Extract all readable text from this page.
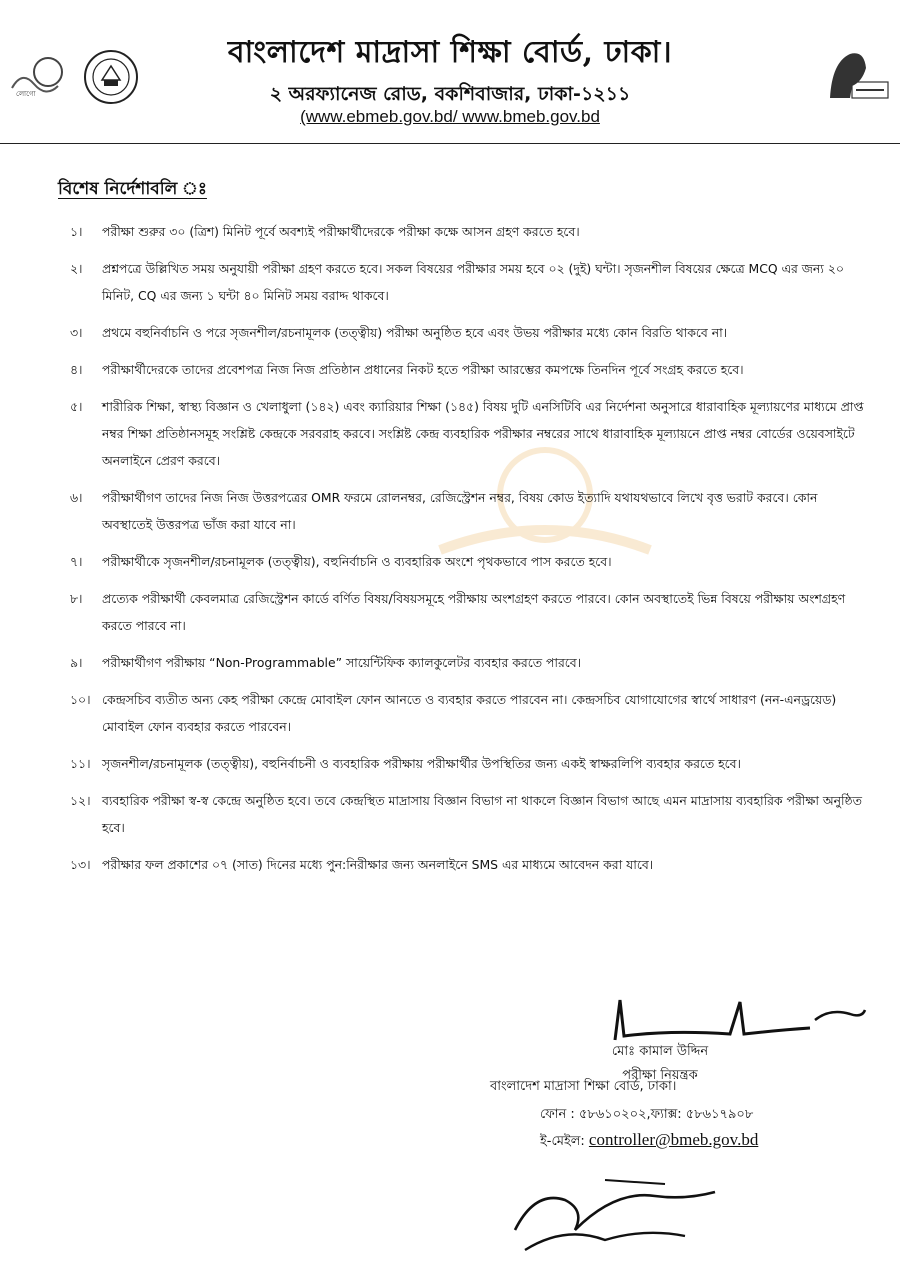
লোগো
বাংলাদেশ মাদ্রাসা শিক্ষা বোর্ড, ঢাকা।
২ অরফ্যানেজ রোড, বকশিবাজার, ঢাকা-১২১১
(www.ebmeb.gov.bd/ www.bmeb.gov.bd
বিশেষ নির্দেশাবলি ঃ
১।	পরীক্ষা শুরুর ৩০ (ত্রিশ) মিনিট পূর্বে অবশ্যই পরীক্ষার্থীদেরকে পরীক্ষা কক্ষে আসন গ্রহণ করতে হবে।
২।	প্রশ্নপত্রে উল্লিখিত সময় অনুযায়ী পরীক্ষা গ্রহণ করতে হবে। সকল বিষয়ের পরীক্ষার সময় হবে ০২ (দুই) ঘন্টা। সৃজনশীল বিষয়ের ক্ষেত্রে MCQ এর জন্য ২০ মিনিট, CQ এর জন্য ১ ঘন্টা ৪০ মিনিট সময় বরাদ্দ থাকবে।
৩।	প্রথমে বহুনির্বাচনি ও পরে সৃজনশীল/রচনামূলক (তত্ত্বীয়) পরীক্ষা অনুষ্ঠিত হবে এবং উভয় পরীক্ষার মধ্যে কোন বিরতি থাকবে না।
৪।	পরীক্ষার্থীদেরকে তাদের প্রবেশপত্র নিজ নিজ প্রতিষ্ঠান প্রধানের নিকট হতে পরীক্ষা আরম্ভের কমপক্ষে তিনদিন পূর্বে সংগ্রহ করতে হবে।
৫।	শারীরিক শিক্ষা, স্বাস্থ্য বিজ্ঞান ও খেলাধুলা (১৪২) এবং ক্যারিয়ার শিক্ষা (১৪৫) বিষয় দুটি এনসিটিবি এর নির্দেশনা অনুসারে ধারাবাহিক মূল্যায়ণের মাধ্যমে প্রাপ্ত নম্বর শিক্ষা প্রতিষ্ঠানসমূহ সংশ্লিষ্ট কেন্দ্রকে সরবরাহ করবে। সংশ্লিষ্ট কেন্দ্র ব্যবহারিক পরীক্ষার নম্বরের সাথে ধারাবাহিক মূল্যায়নে প্রাপ্ত নম্বর বোর্ডের ওয়েবসাইটে অনলাইনে প্রেরণ করবে।
৬।	পরীক্ষার্থীগণ তাদের নিজ নিজ উত্তরপত্রের OMR ফরমে রোলনম্বর, রেজিস্ট্রেশন নম্বর, বিষয় কোড ইত্যাদি যথাযথভাবে লিখে বৃত্ত ভরাট করবে। কোন অবস্থাতেই উত্তরপত্র ভাঁজ করা যাবে না।
৭।	পরীক্ষার্থীকে সৃজনশীল/রচনামূলক (তত্ত্বীয়), বহুনির্বাচনি ও ব্যবহারিক অংশে পৃথকভাবে পাস করতে হবে।
৮।	প্রত্যেক পরীক্ষার্থী কেবলমাত্র রেজিস্ট্রেশন কার্ডে বর্ণিত বিষয়/বিষয়সমূহে পরীক্ষায় অংশগ্রহণ করতে পারবে। কোন অবস্থাতেই ভিন্ন বিষয়ে পরীক্ষায় অংশগ্রহণ করতে পারবে না।
৯।	পরীক্ষার্থীগণ পরীক্ষায় “Non-Programmable” সায়েন্টিফিক ক্যালকুলেটর ব্যবহার করতে পারবে।
১০। কেন্দ্রসচিব ব্যতীত অন্য কেহ পরীক্ষা কেন্দ্রে মোবাইল ফোন আনতে ও ব্যবহার করতে পারবেন না। কেন্দ্রসচিব যোগাযোগের স্বার্থে সাধারণ (নন-এনড্রয়েড) মোবাইল ফোন ব্যবহার করতে পারবেন।
১১। সৃজনশীল/রচনামূলক (তত্ত্বীয়), বহুনির্বাচনী ও ব্যবহারিক পরীক্ষায় পরীক্ষার্থীর উপস্থিতির জন্য একই স্বাক্ষরলিপি ব্যবহার করতে হবে।
১২। ব্যবহারিক পরীক্ষা স্ব-স্ব কেন্দ্রে অনুষ্ঠিত হবে। তবে কেন্দ্রস্থিত মাদ্রাসায় বিজ্ঞান বিভাগ না থাকলে বিজ্ঞান বিভাগ আছে এমন মাদ্রাসায় ব্যবহারিক পরীক্ষা অনুষ্ঠিত হবে।
১৩। পরীক্ষার ফল প্রকাশের ০৭ (সাত) দিনের মধ্যে পুন:নিরীক্ষার জন্য অনলাইনে SMS এর মাধ্যমে আবেদন করা যাবে।
মোঃ কামাল উদ্দিন
পরীক্ষা নিয়ন্ত্রক
বাংলাদেশ মাদ্রাসা শিক্ষা বোর্ড, ঢাকা।
ফোন : ৫৮৬১০২০২,ফ্যাক্স: ৫৮৬১৭৯০৮
ই-মেইল: controller@bmeb.gov.bd
